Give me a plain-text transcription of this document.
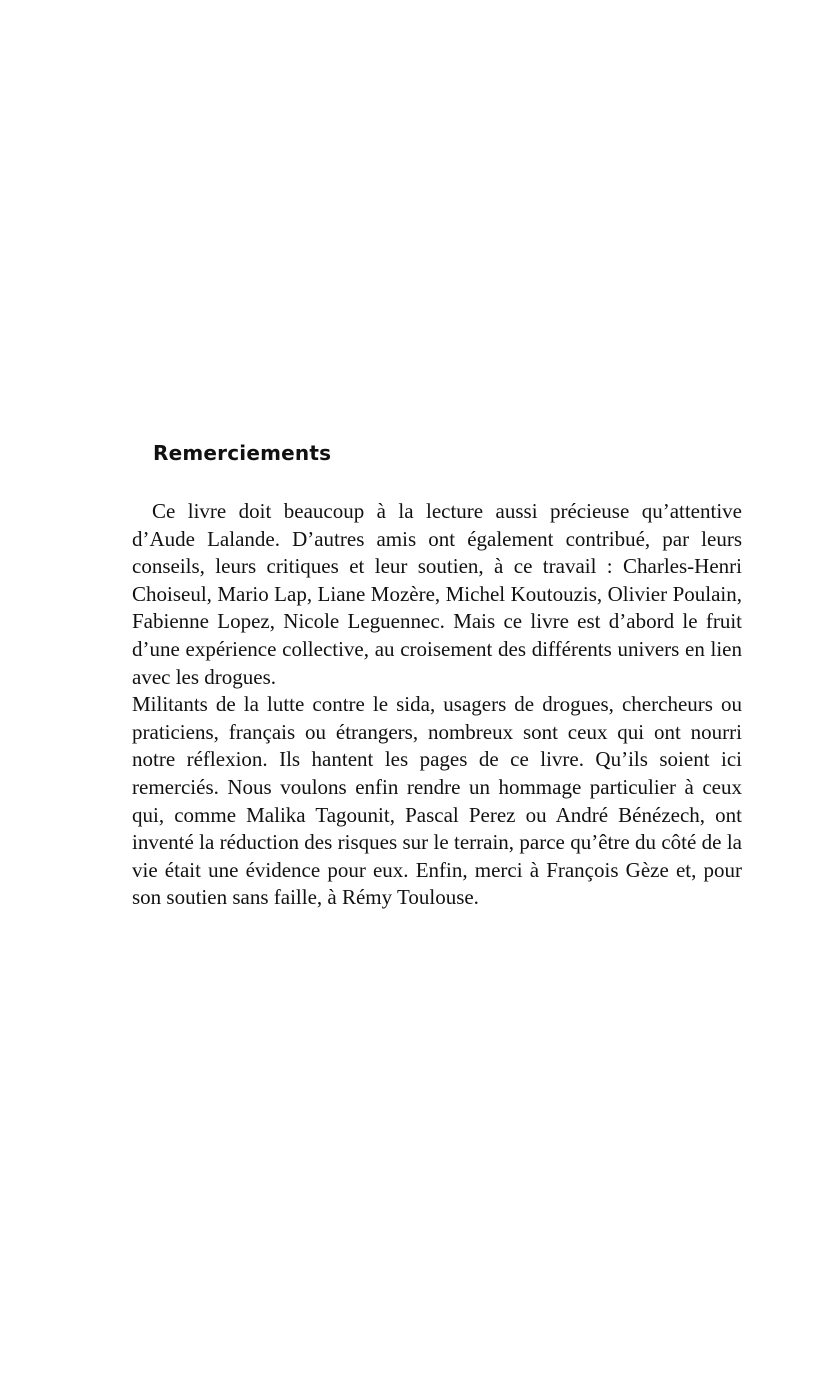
Remerciements

Ce livre doit beaucoup à la lecture aussi précieuse qu’attentive d’Aude Lalande. D’autres amis ont également contribué, par leurs conseils, leurs critiques et leur soutien, à ce travail : Charles-Henri Choiseul, Mario Lap, Liane Mozère, Michel Koutouzis, Olivier Poulain, Fabienne Lopez, Nicole Leguennec. Mais ce livre est d’abord le fruit d’une expérience collective, au croisement des différents univers en lien avec les drogues.

Militants de la lutte contre le sida, usagers de drogues, chercheurs ou praticiens, français ou étrangers, nombreux sont ceux qui ont nourri notre réflexion. Ils hantent les pages de ce livre. Qu’ils soient ici remerciés. Nous voulons enfin rendre un hommage particulier à ceux qui, comme Malika Tagounit, Pascal Perez ou André Bénézech, ont inventé la réduction des risques sur le terrain, parce qu’être du côté de la vie était une évidence pour eux. Enfin, merci à François Gèze et, pour son soutien sans faille, à Rémy Toulouse.
